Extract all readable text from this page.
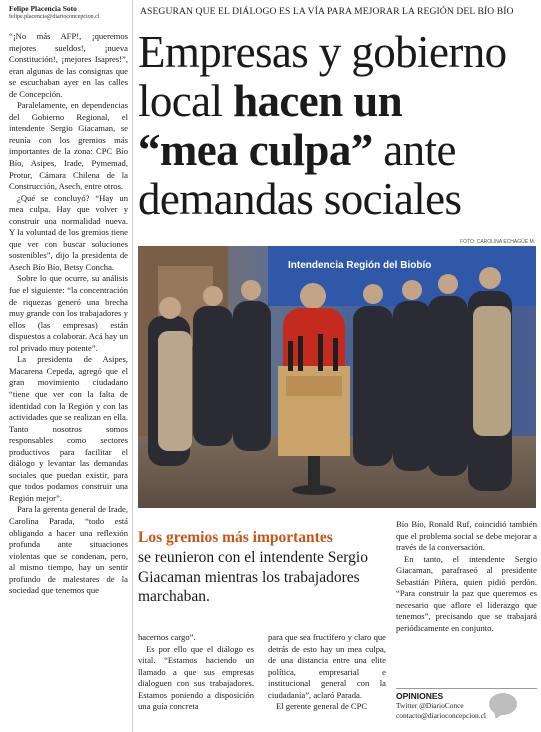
Felipe Placencia Soto
felipe.placencia@diarioconcepcion.cl

“¡No más AFP!, ¡queremos mejores sueldos!, ¡nueva Constitución!, ¡mejores Isapres!”, eran algunas de las consignas que se escuchaban ayer en las calles de Concepción.

Paralelamente, en dependencias del Gobierno Regional, el intendente Sergio Giacaman, se reunía con los gremios más importantes de la zona: CPC Bío Bío, Asipes, Irade, Pymemad, Protur, Cámara Chilena de la Construcción, Asech, entre otros.

¿Qué se concluyó? “Hay un mea culpa. Hay que volver y construir una normalidad nueva. Y la voluntad de los gremios tiene que ver con buscar soluciones sostenibles”, dijo la presidenta de Asech Bío Bío, Betsy Concha.

Sobre lo que ocurre, su análisis fue el siguiente: “la concentración de riquezas generó una brecha muy grande con los trabajadores y ellos (las empresas) están dispuestos a colaborar. Acá hay un rol privado muy potente”.

La presidenta de Asipes, Macarena Cepeda, agregó que el gran movimiento ciudadano “tiene que ver con la falta de identidad con la Región y con las actividades que se realizan en ella. Tanto nosotros somos responsables como sectores productivos para facilitar el diálogo y levantar las demandas sociales que puedan existir, para que todos podamos construir una Región mejor”.

Para la gerenta general de Irade, Carolina Parada, “todo está obligando a hacer una reflexión profunda ante situaciones violentas que se condenan, pero, al mismo tiempo, hay un sentir profundo de malestares de la sociedad que tenemos que

ASEGURAN QUE EL DIÁLOGO ES LA VÍA PARA MEJORAR LA REGIÓN DEL BÍO BÍO
Empresas y gobierno local hacen un
“mea culpa” ante demandas sociales
FOTO: CAROLINA ECHAGÜE M.
Intendencia Región del Biobío
Los gremios más importantes
se reunieron con el intendente Sergio Giacaman mientras los trabajadores marchaban.

hacernos cargo”.

Es por ello que el diálogo es vital. “Estamos haciendo un llamado a que sus empresas dialoguen con sus trabajadores. Estamos poniendo a disposición una guía concreta

para que sea fructífero y claro que detrás de esto hay un mea culpa, de una distancia entre una elite política, empresarial e institucional general con la ciudadanía”, aclaró Parada.

El gerente general de CPC

Bío Bío, Ronald Ruf, coincidió también que el problema social se debe mejorar a través de la conversación.

En tanto, el intendente Sergio Giacaman, parafraseó al presidente Sebastián Piñera, quien pidió perdón. “Para construir la paz que queremos es necesario que aflore el liderazgo que tenemos”, precisando que se trabajará periódicamente en conjunto.

OPINIONES
Twitter @DiarioConce
contacto@diarioconcepcion.cl
